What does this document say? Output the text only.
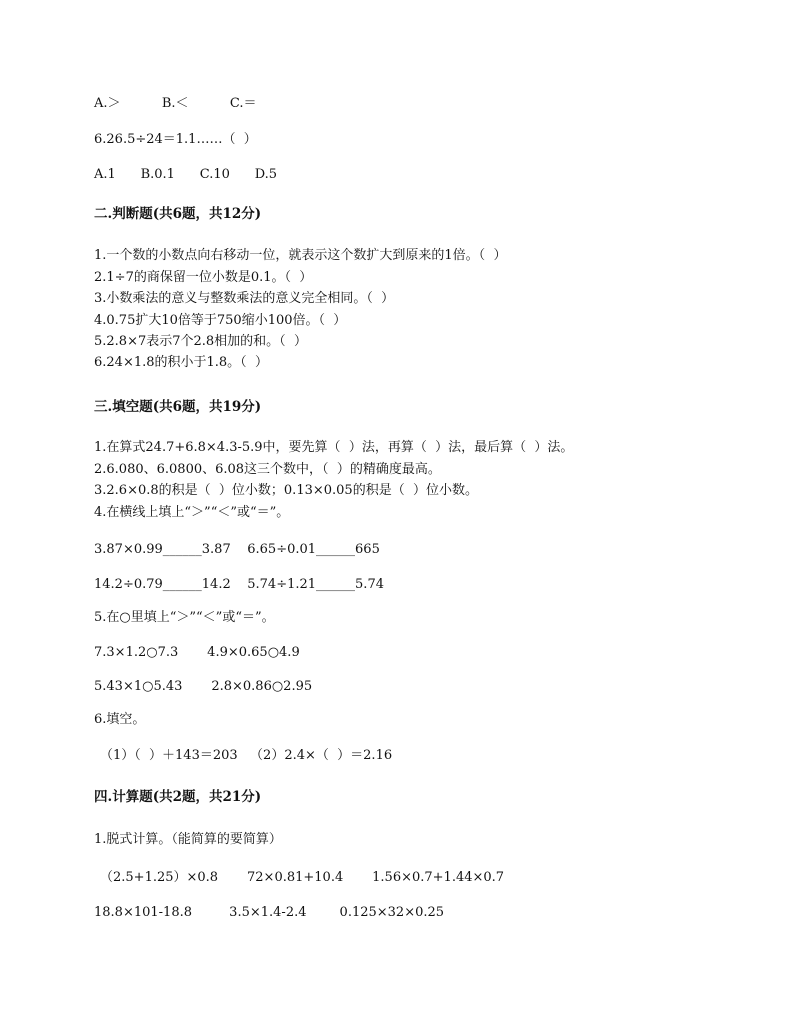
A.＞          B.＜          C.＝
6.26.5÷24＝1.1……（  ）
A.1      B.0.1      C.10      D.5
二.判断题(共6题，共12分)
1.一个数的小数点向右移动一位，就表示这个数扩大到原来的1倍。（  ）
2.1÷7的商保留一位小数是0.1。（  ）
3.小数乘法的意义与整数乘法的意义完全相同。（  ）
4.0.75扩大10倍等于750缩小100倍。（  ）
5.2.8×7表示7个2.8相加的和。（  ）
6.24×1.8的积小于1.8。（  ）
三.填空题(共6题，共19分)
1.在算式24.7+6.8×4.3-5.9中，要先算（  ）法，再算（  ）法，最后算（  ）法。
2.6.080、6.0800、6.08这三个数中，（  ）的精确度最高。
3.2.6×0.8的积是（  ）位小数；0.13×0.05的积是（  ）位小数。
4.在横线上填上“＞”“＜”或“＝”。
3.87×0.99______3.87    6.65÷0.01______665
14.2÷0.79______14.2    5.74÷1.21______5.74
5.在○里填上“＞”“＜”或“＝”。
7.3×1.2○7.3       4.9×0.65○4.9
5.43×1○5.43       2.8×0.86○2.95
6.填空。
（1）（  ）＋143＝203   （2）2.4×（  ）＝2.16
四.计算题(共2题，共21分)
1.脱式计算。（能简算的要简算）
（2.5+1.25）×0.8       72×0.81+10.4       1.56×0.7+1.44×0.7
18.8×101-18.8         3.5×1.4-2.4        0.125×32×0.25
